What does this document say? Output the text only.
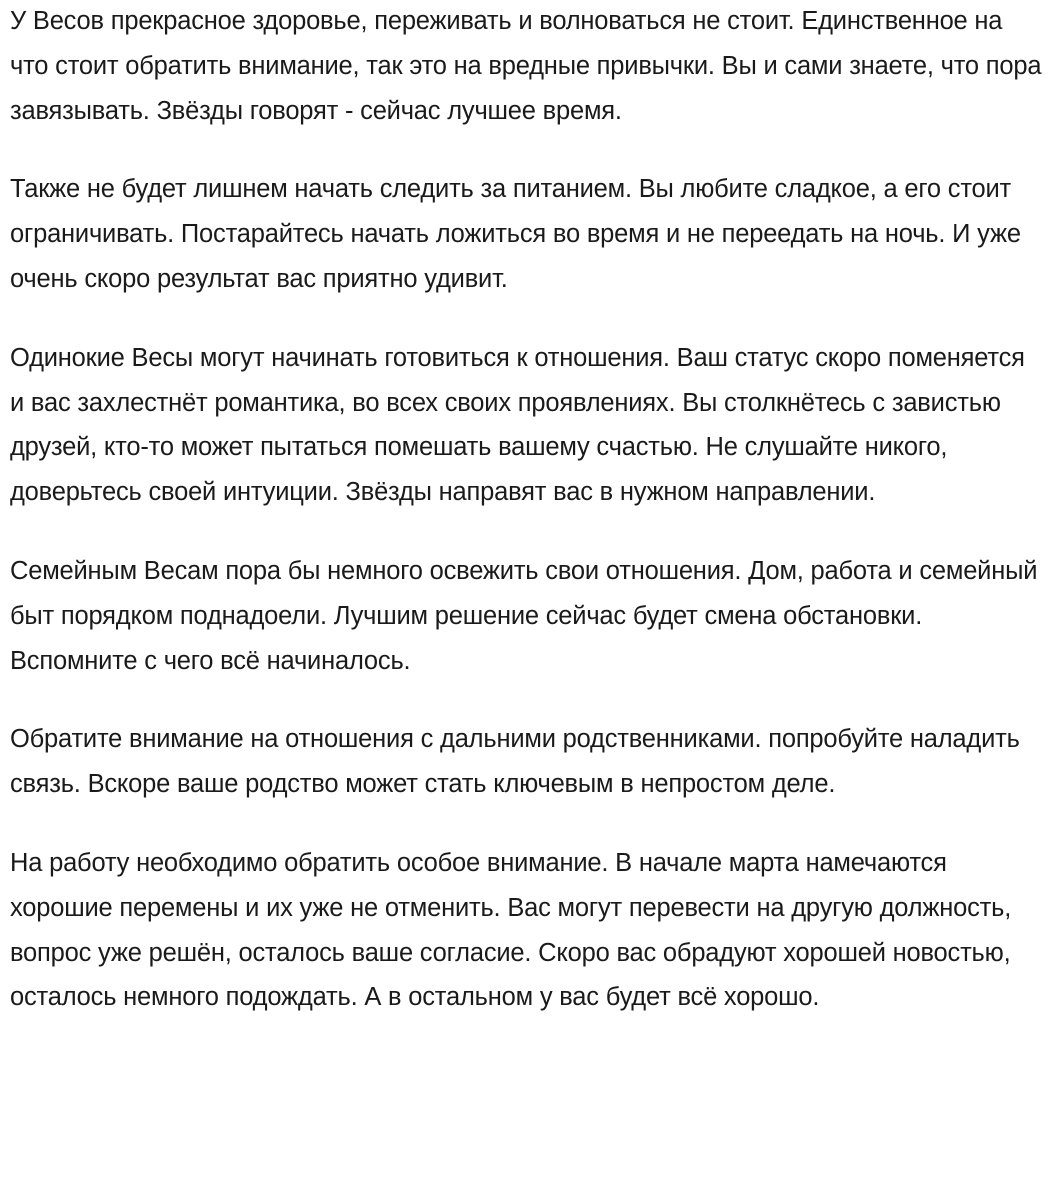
У Весов прекрасное здоровье, переживать и волноваться не стоит. Единственное на что стоит обратить внимание, так это на вредные привычки. Вы и сами знаете, что пора завязывать. Звёзды говорят - сейчас лучшее время.

Также не будет лишнем начать следить за питанием. Вы любите сладкое, а его стоит ограничивать. Постарайтесь начать ложиться во время и не переедать на ночь. И уже очень скоро результат вас приятно удивит.

Одинокие Весы могут начинать готовиться к отношения. Ваш статус скоро поменяется и вас захлестнёт романтика, во всех своих проявлениях. Вы столкнётесь с завистью друзей, кто-то может пытаться помешать вашему счастью. Не слушайте никого, доверьтесь своей интуиции. Звёзды направят вас в нужном направлении.

Семейным Весам пора бы немного освежить свои отношения. Дом, работа и семейный быт порядком поднадоели. Лучшим решение сейчас будет смена обстановки. Вспомните с чего всё начиналось.

Обратите внимание на отношения с дальними родственниками. попробуйте наладить связь. Вскоре ваше родство может стать ключевым в непростом деле.

На работу необходимо обратить особое внимание. В начале марта намечаются хорошие перемены и их уже не отменить. Вас могут перевести на другую должность, вопрос уже решён, осталось ваше согласие. Скоро вас обрадуют хорошей новостью, осталось немного подождать. А в остальном у вас будет всё хорошо.
